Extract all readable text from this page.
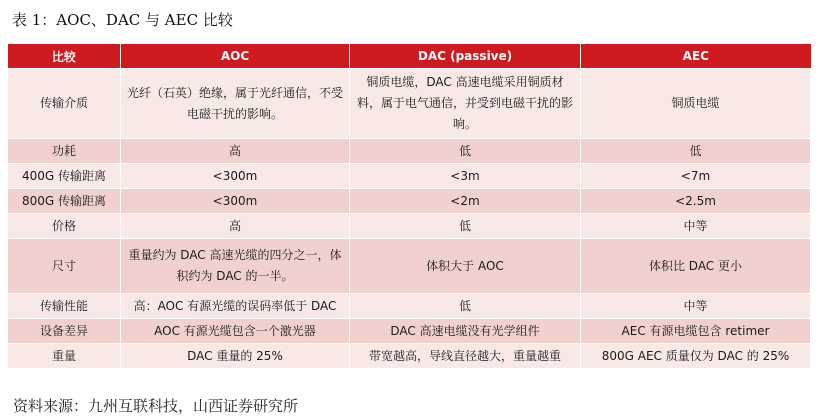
表 1：AOC、DAC 与 AEC 比较
比较	AOC	DAC (passive)	AEC
传输介质	光纤（石英）绝缘，属于光纤通信，不受电磁干扰的影响。	铜质电缆，DAC 高速电缆采用铜质材料，属于电气通信，并受到电磁干扰的影响。	铜质电缆
功耗	高	低	低
400G 传输距离	<300m	<3m	<7m
800G 传输距离	<300m	<2m	<2.5m
价格	高	低	中等
尺寸	重量约为 DAC 高速光缆的四分之一，体积约为 DAC 的一半。	体积大于 AOC	体积比 DAC 更小
传输性能	高：AOC 有源光缆的误码率低于 DAC	低	中等
设备差异	AOC 有源光缆包含一个激光器	DAC 高速电缆没有光学组件	AEC 有源电缆包含 retimer
重量	DAC 重量的 25%	带宽越高，导线直径越大，重量越重	800G AEC 质量仅为 DAC 的 25%
资料来源：九州互联科技，山西证券研究所
